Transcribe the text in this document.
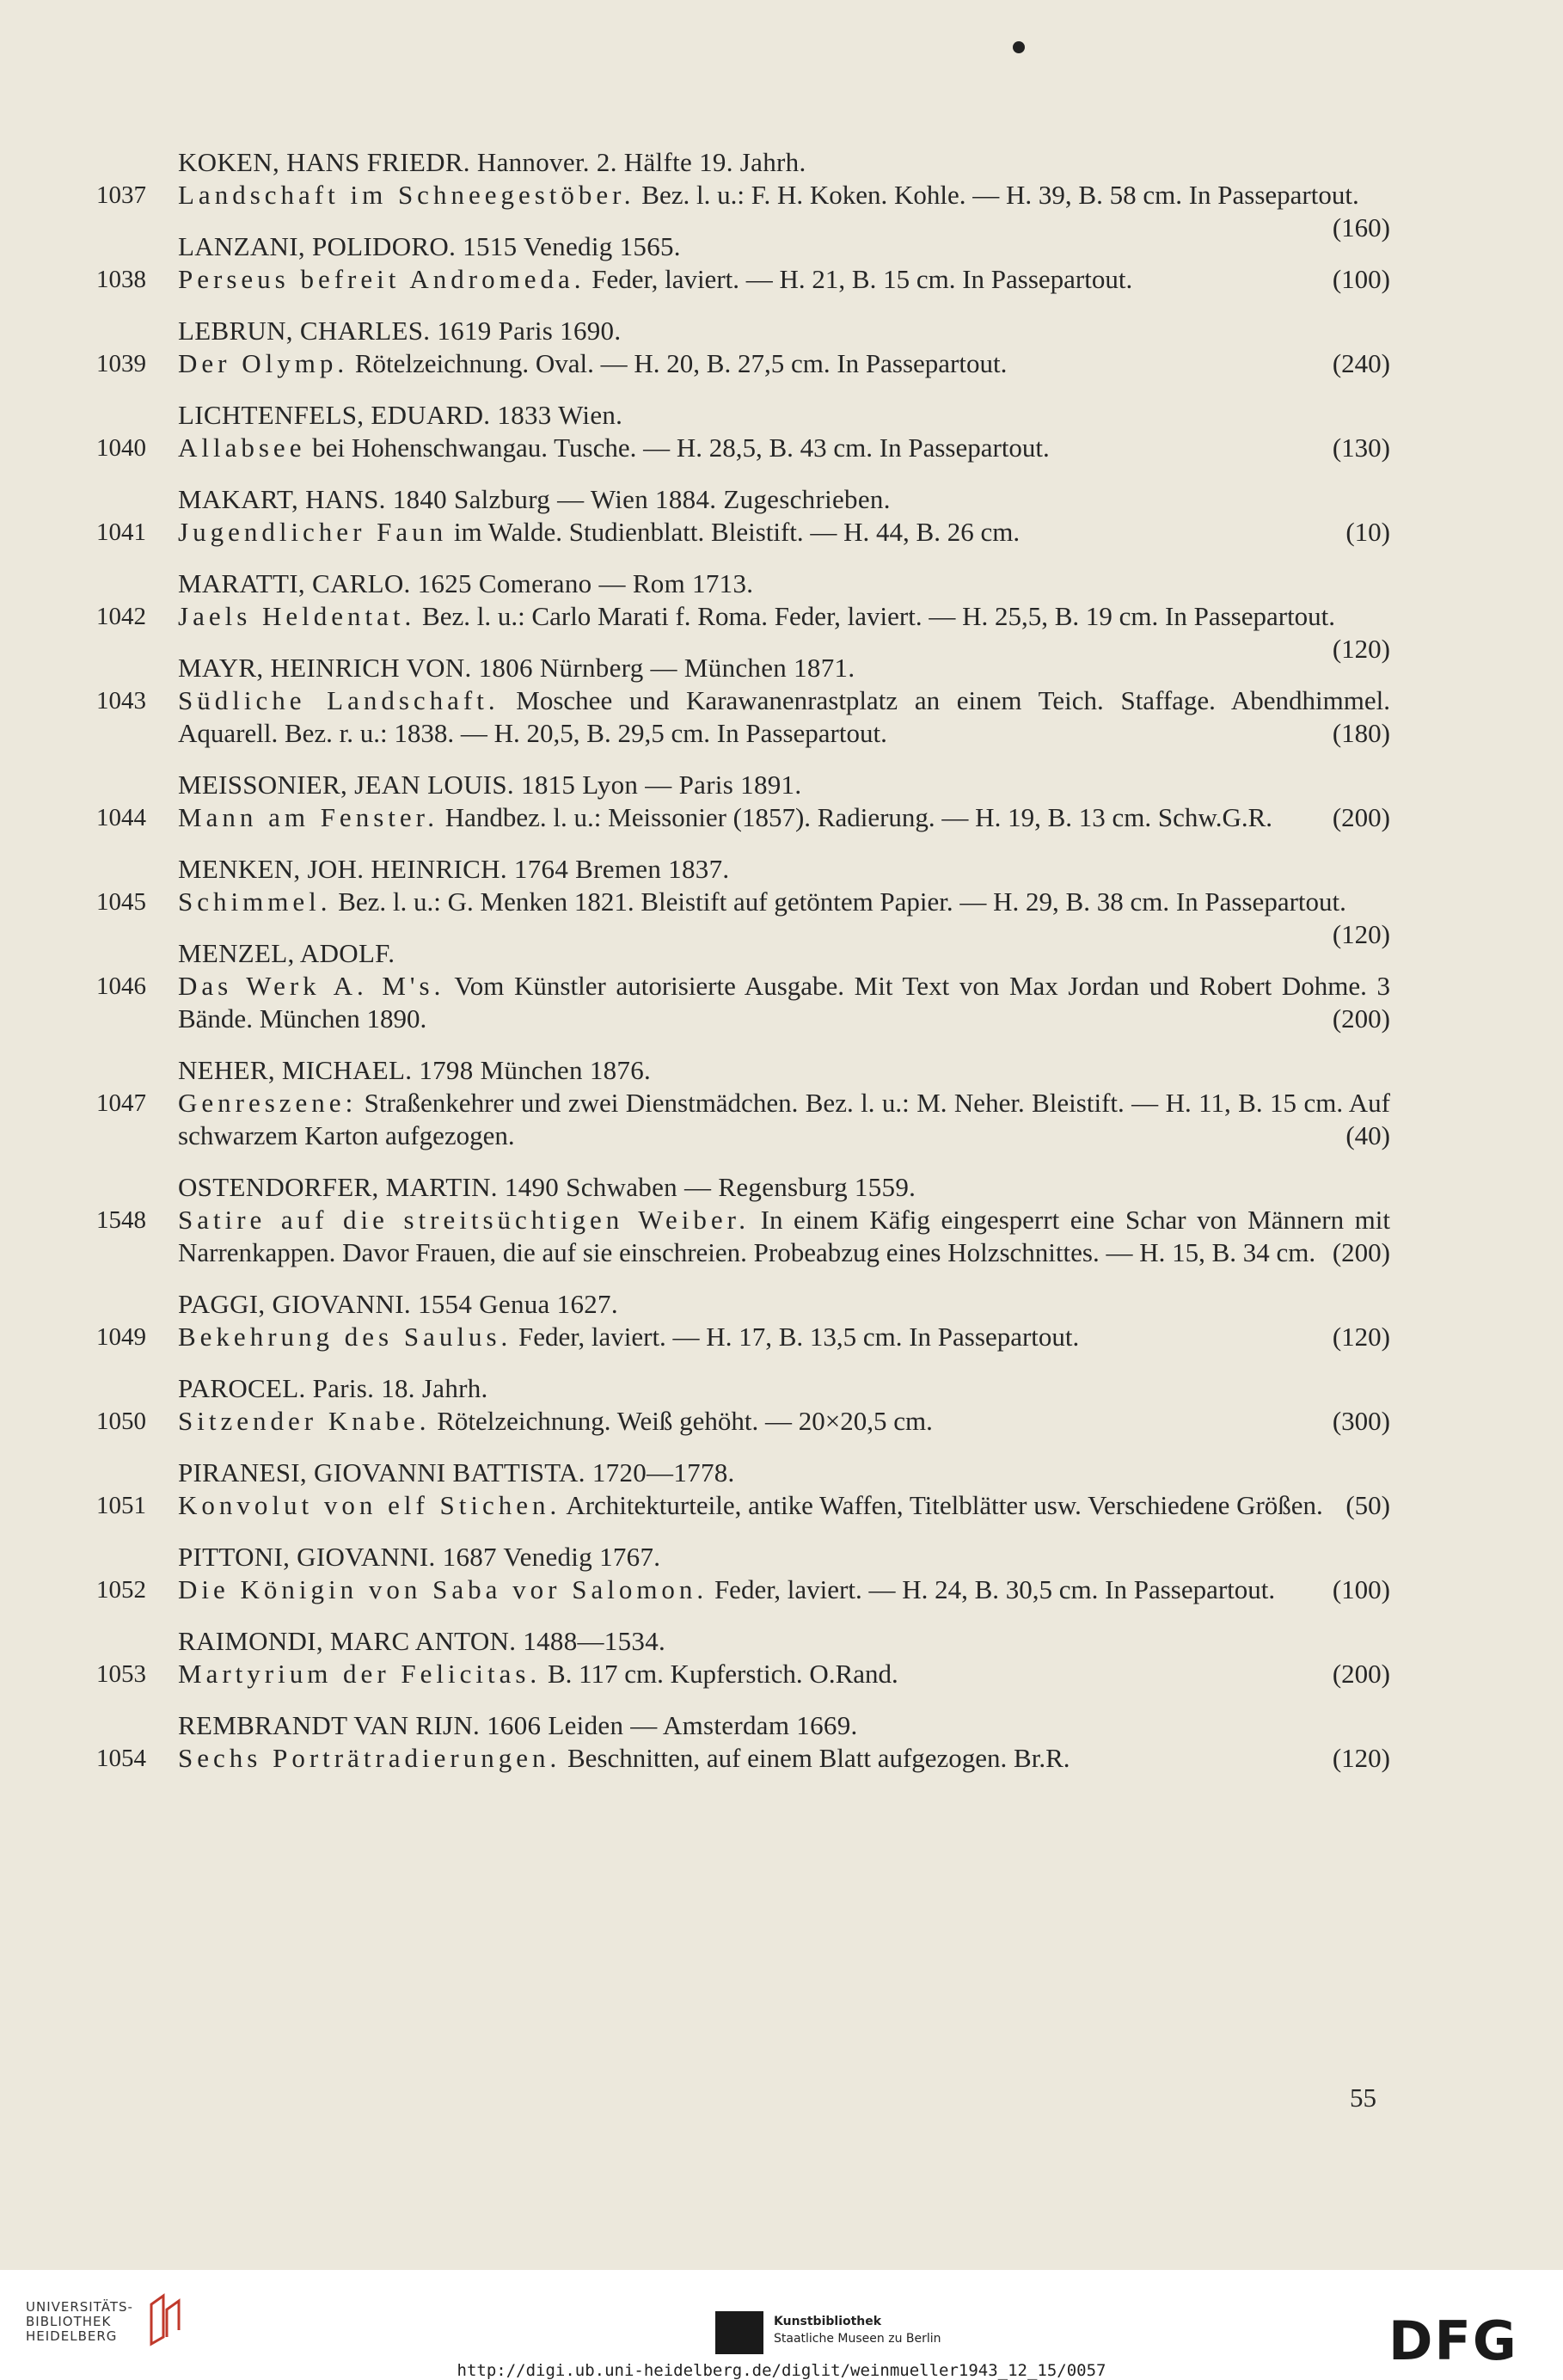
KOKEN, HANS FRIEDR. Hannover. 2. Hälfte 19. Jahrh.
1037 Landschaft im Schneegestöber. Bez. l. u.: F. H. Koken. Kohle. — H. 39, B. 58 cm. In Passepartout.
(160)
LANZANI, POLIDORO. 1515 Venedig 1565.
1038 Perseus befreit Andromeda. Feder, laviert. — H. 21, B. 15 cm. In Passepartout.	(100)
LEBRUN, CHARLES. 1619 Paris 1690.
1039 Der Olymp. Rötelzeichnung. Oval. — H. 20, B. 27,5 cm. In Passepartout.	(240)
LICHTENFELS, EDUARD. 1833 Wien.
1040 Allabsee bei Hohenschwangau. Tusche. — H. 28,5, B. 43 cm. In Passepartout.	(130)
MAKART, HANS. 1840 Salzburg — Wien 1884. Zugeschrieben.
1041 Jugendlicher Faun im Walde. Studienblatt. Bleistift. — H. 44, B. 26 cm.	(10)
MARATTI, CARLO. 1625 Comerano — Rom 1713.
1042 Jaels Heldentat. Bez. l. u.: Carlo Marati f. Roma. Feder, laviert. — H. 25,5, B. 19 cm. In Passepartout.
(120)
MAYR, HEINRICH VON. 1806 Nürnberg — München 1871.
1043 Südliche Landschaft. Moschee und Karawanenrastplatz an einem Teich. Staffage. Abendhimmel. Aquarell. Bez. r. u.: 1838. — H. 20,5, B. 29,5 cm. In Passepartout.	(180)
MEISSONIER, JEAN LOUIS. 1815 Lyon — Paris 1891.
1044 Mann am Fenster. Handbez. l. u.: Meissonier (1857). Radierung. — H. 19, B. 13 cm. Schw.G.R. (200)
MENKEN, JOH. HEINRICH. 1764 Bremen 1837.
1045 Schimmel. Bez. l. u.: G. Menken 1821. Bleistift auf getöntem Papier. — H. 29, B. 38 cm. In Passepartout.
(120)
MENZEL, ADOLF.
1046 Das Werk A. M's. Vom Künstler autorisierte Ausgabe. Mit Text von Max Jordan und Robert Dohme. 3 Bände. München 1890.	(200)
NEHER, MICHAEL. 1798 München 1876.
1047 Genreszene: Straßenkehrer und zwei Dienstmädchen. Bez. l. u.: M. Neher. Bleistift. — H. 11, B. 15 cm. Auf schwarzem Karton aufgezogen.	(40)
OSTENDORFER, MARTIN. 1490 Schwaben — Regensburg 1559.
1548 Satire auf die streitsüchtigen Weiber. In einem Käfig eingesperrt eine Schar von Männern mit Narrenkappen. Davor Frauen, die auf sie einschreien. Probeabzug eines Holzschnittes. — H. 15, B. 34 cm. (200)
PAGGI, GIOVANNI. 1554 Genua 1627.
1049 Bekehrung des Saulus. Feder, laviert. — H. 17, B. 13,5 cm. In Passepartout.	(120)
PAROCEL. Paris. 18. Jahrh.
1050 Sitzender Knabe. Rötelzeichnung. Weiß gehöht. — 20×20,5 cm.	(300)
PIRANESI, GIOVANNI BATTISTA. 1720—1778.
1051 Konvolut von elf Stichen. Architekturteile, antike Waffen, Titelblätter usw. Verschiedene Größen. (50)
PITTONI, GIOVANNI. 1687 Venedig 1767.
1052 Die Königin von Saba vor Salomon. Feder, laviert. — H. 24, B. 30,5 cm. In Passepartout. (100)
RAIMONDI, MARC ANTON. 1488—1534.
1053 Martyrium der Felicitas. B. 117 cm. Kupferstich. O.Rand.	(200)
REMBRANDT VAN RIJN. 1606 Leiden — Amsterdam 1669.
1054 Sechs Porträtradierungen. Beschnitten, auf einem Blatt aufgezogen. Br.R.	(120)
55
UNIVERSITÄTS-
BIBLIOTHEK
HEIDELBERG
Kunstbibliothek
Staatliche Museen zu Berlin	DFG
http://digi.ub.uni-heidelberg.de/diglit/weinmueller1943_12_15/0057
